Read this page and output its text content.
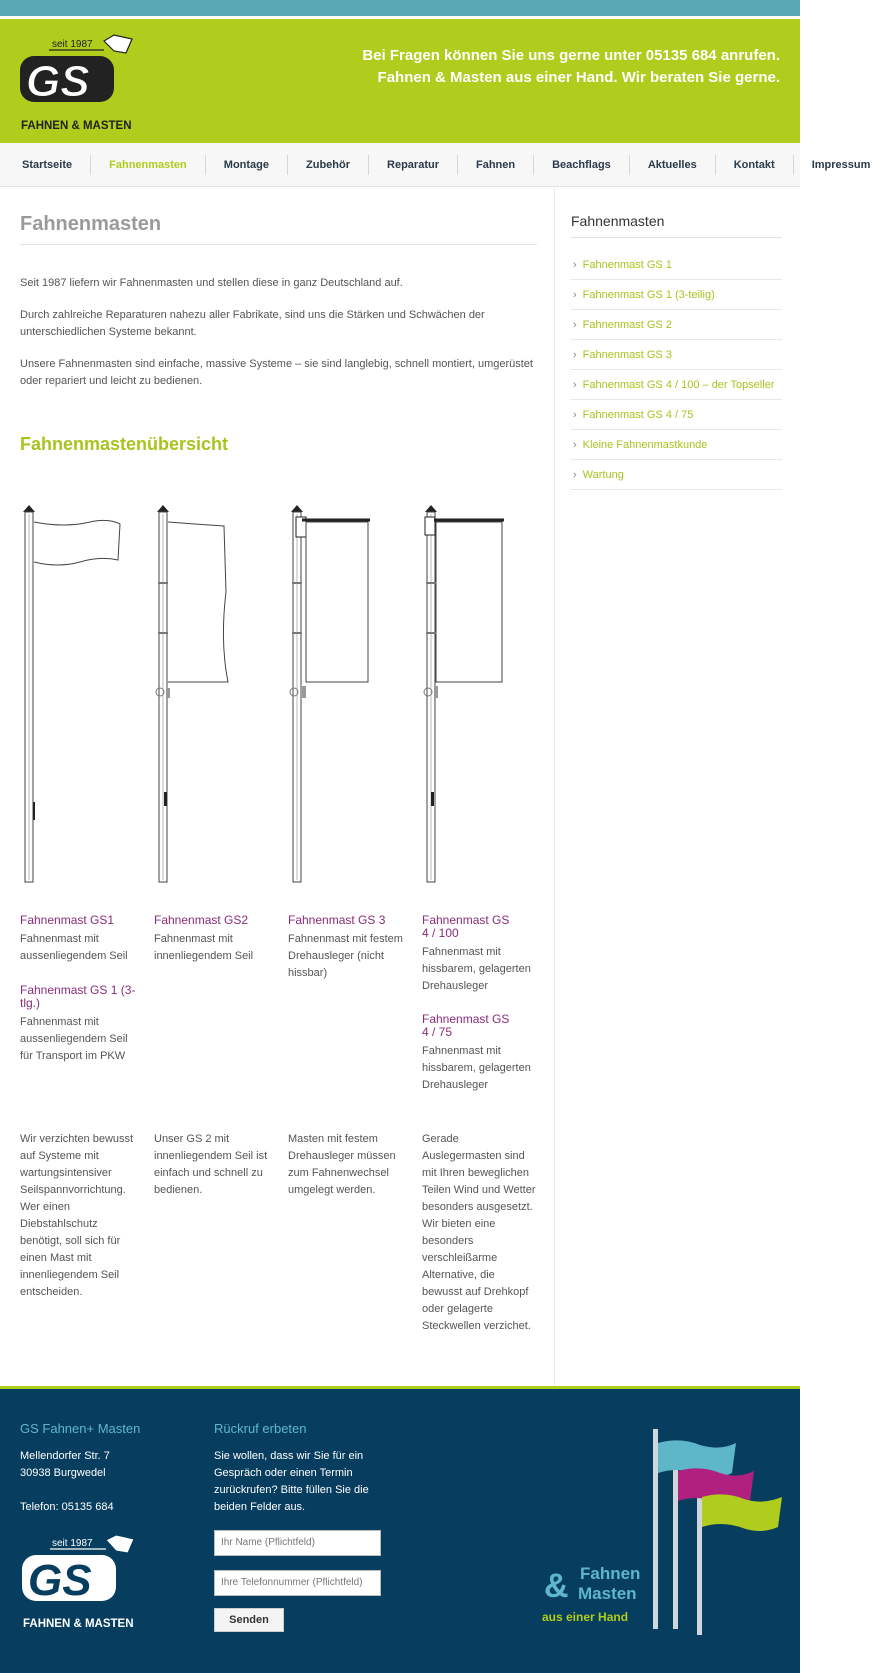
seit 1987
GS
FAHNEN & MASTEN
Bei Fragen können Sie uns gerne unter 05135 684 anrufen.
Fahnen & Masten aus einer Hand. Wir beraten Sie gerne.
Startseite	Fahnenmasten	Montage	Zubehör	Reparatur	Fahnen	Beachflags	Aktuelles	Kontakt	Impressum
Fahnenmasten

Seit 1987 liefern wir Fahnenmasten und stellen diese in ganz Deutschland auf.

Durch zahlreiche Reparaturen nahezu aller Fabrikate, sind uns die Stärken und Schwächen der unterschiedlichen Systeme bekannt.

Unsere Fahnenmasten sind einfache, massive Systeme – sie sind langlebig, schnell montiert, umgerüstet oder repariert und leicht zu bedienen.

Fahnenmastenübersicht
Fahnenmast GS1
Fahnenmast mit aussenliegendem Seil
Fahnenmast GS 1 (3-tlg.)
Fahnenmast mit aussenliegendem Seil für Transport im PKW
Fahnenmast GS2
Fahnenmast mit innenliegendem Seil
Fahnenmast GS 3
Fahnenmast mit festem Drehausleger (nicht hissbar)
Fahnenmast GS 4 / 100
Fahnenmast mit hissbarem, gelagerten Drehausleger
Fahnenmast GS 4 / 75
Fahnenmast mit hissbarem, gelagerten Drehausleger
Wir verzichten bewusst auf Systeme mit wartungsintensiver Seilspannvorrichtung. Wer einen Diebstahlschutz benötigt, soll sich für einen Mast mit innenliegendem Seil entscheiden.
Unser GS 2 mit innenliegendem Seil ist einfach und schnell zu bedienen.
Masten mit festem Drehausleger müssen zum Fahnenwechsel umgelegt werden.
Gerade Auslegermasten sind mit Ihren beweglichen Teilen Wind und Wetter besonders ausgesetzt. Wir bieten eine besonders verschleißarme Alternative, die bewusst auf Drehkopf oder gelagerte Steckwellen verzichet.
Fahnenmasten
› Fahnenmast GS 1
› Fahnenmast GS 1 (3-teilig)
› Fahnenmast GS 2
› Fahnenmast GS 3
› Fahnenmast GS 4 / 100 – der Topseller
› Fahnenmast GS 4 / 75
› Kleine Fahnenmastkunde
› Wartung
GS Fahnen+ Masten
Mellendorfer Str. 7
30938 Burgwedel
Telefon: 05135 684
seit 1987
GS
FAHNEN & MASTEN
Rückruf erbeten
Sie wollen, dass wir Sie für ein Gespräch oder einen Termin zurückrufen? Bitte füllen Sie die beiden Felder aus.
Ihr Name (Pflichtfeld)
Ihre Telefonnummer (Pflichtfeld)
Senden
& Fahnen
Masten
aus einer Hand
